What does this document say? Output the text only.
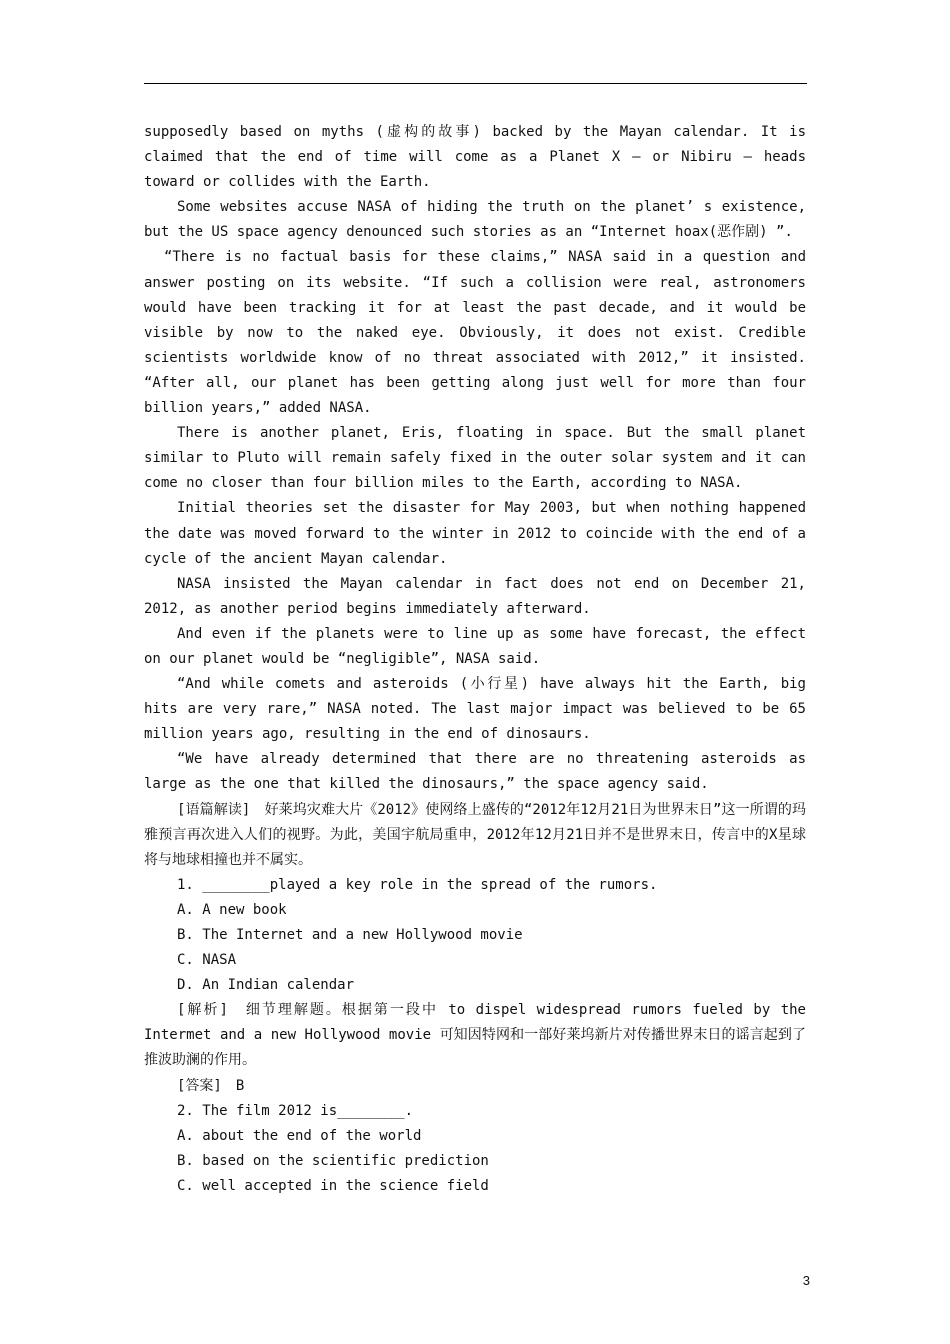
supposedly based on myths (虚构的故事) backed by the Mayan calendar. It is claimed that the end of time will come as a Planet X — or Nibiru — heads toward or collides with the Earth.

Some websites accuse NASA of hiding the truth on the planet’ s existence, but the US space agency denounced such stories as an “Internet hoax(恶作剧) ”.

“There is no factual basis for these claims,” NASA said in a question and answer posting on its website. “If such a collision were real, astronomers would have been tracking it for at least the past decade, and it would be visible by now to the naked eye. Obviously, it does not exist. Credible scientists worldwide know of no threat associated with 2012,” it insisted. “After all, our planet has been getting along just well for more than four billion years,” added NASA.

There is another planet, Eris, floating in space. But the small planet similar to Pluto will remain safely fixed in the outer solar system and it can come no closer than four billion miles to the Earth, according to NASA.

Initial theories set the disaster for May 2003, but when nothing happened the date was moved forward to the winter in 2012 to coincide with the end of a cycle of the ancient Mayan calendar.

NASA insisted the Mayan calendar in fact does not end on December 21, 2012, as another period begins immediately afterward.

And even if the planets were to line up as some have forecast, the effect on our planet would be “negligible”, NASA said.

“And while comets and asteroids (小行星) have always hit the Earth, big hits are very rare,” NASA noted. The last major impact was believed to be 65 million years ago, resulting in the end of dinosaurs.

“We have already determined that there are no threatening asteroids as large as the one that killed the dinosaurs,” the space agency said.

[语篇解读]　好莱坞灾难大片《2012》使网络上盛传的“2012年12月21日为世界末日”这一所谓的玛雅预言再次进入人们的视野。为此，美国宇航局重申，2012年12月21日并不是世界末日，传言中的X星球将与地球相撞也并不属实。

1. ________played a key role in the spread of the rumors.

A. A new book

B. The Internet and a new Hollywood movie

C. NASA

D. An Indian calendar

[解析]　细节理解题。根据第一段中 to dispel widespread rumors fueled by the Intermet and a new Hollywood movie 可知因特网和一部好莱坞新片对传播世界末日的谣言起到了推波助澜的作用。

[答案]　B

2. The film 2012 is________.

A. about the end of the world

B. based on the scientific prediction

C. well accepted in the science field

3
